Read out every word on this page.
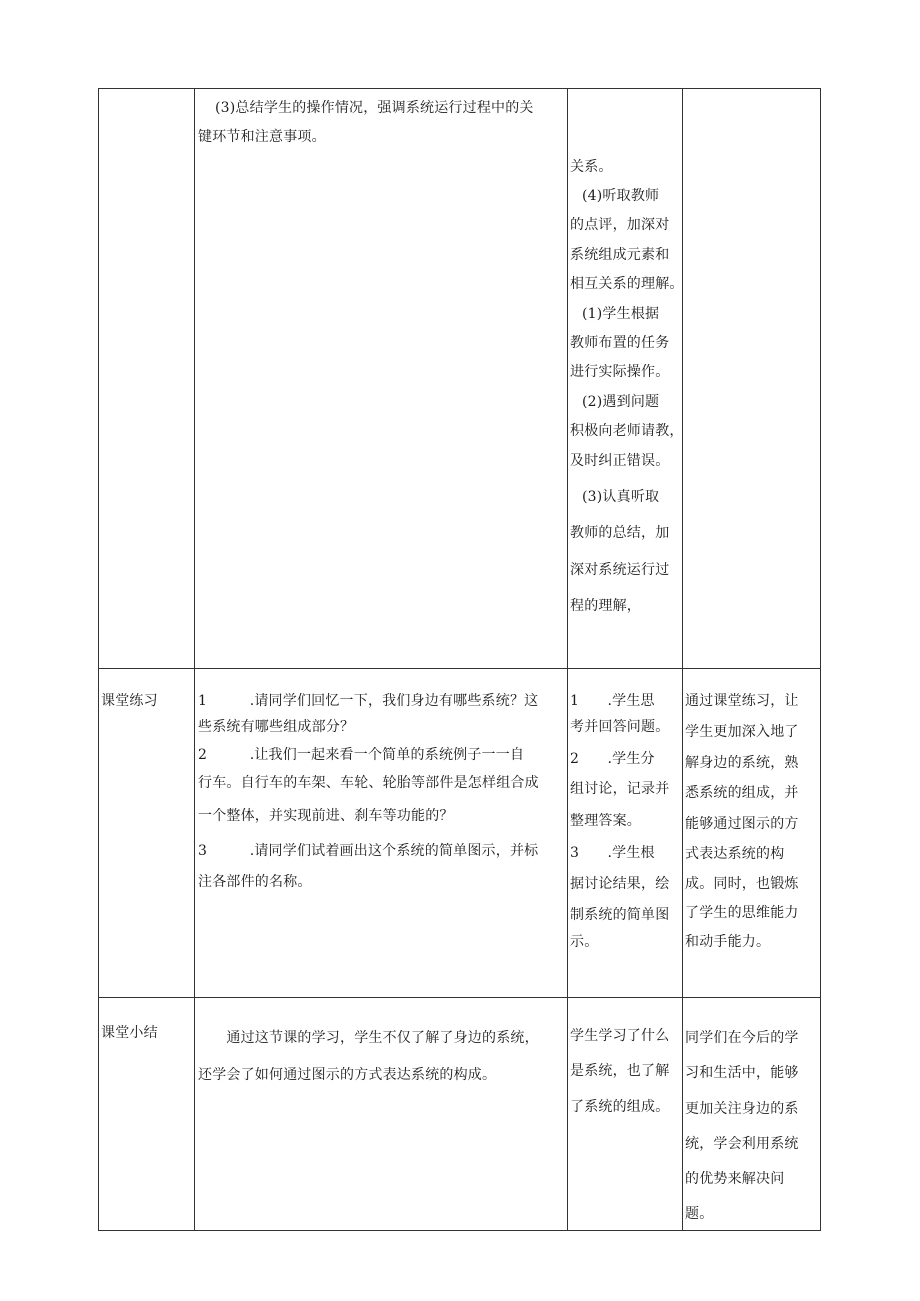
(3)总结学生的操作情况，强调系统运行过程中的关
键环节和注意事项。
关系。
(4)听取教师
的点评，加深对
系统组成元素和
相互关系的理解。
(1)学生根据
教师布置的任务
进行实际操作。
(2)遇到问题
积极向老师请教，
及时纠正错误。
(3)认真听取
教师的总结，加
深对系统运行过
程的理解，
课堂练习	1　　　.请同学们回忆一下，我们身边有哪些系统？这
些系统有哪些组成部分？
2　　　.让我们一起来看一个简单的系统例子一一自
行车。自行车的车架、车轮、轮胎等部件是怎样组合成
一个整体，并实现前进、刹车等功能的？
3　　　.请同学们试着画出这个系统的简单图示，并标
注各部件的名称。
1　　.学生思
考并回答问题。
2　　.学生分
组讨论，记录并
整理答案。
3　　.学生根
据讨论结果，绘
制系统的简单图
示。
通过课堂练习，让
学生更加深入地了
解身边的系统，熟
悉系统的组成，并
能够通过图示的方
式表达系统的构
成。同时，也锻炼
了学生的思维能力
和动手能力。
课堂小结	　　通过这节课的学习，学生不仅了解了身边的系统，
还学会了如何通过图示的方式表达系统的构成。
学生学习了什么
是系统，也了解
了系统的组成。
同学们在今后的学
习和生活中，能够
更加关注身边的系
统，学会利用系统
的优势来解决问
题。
